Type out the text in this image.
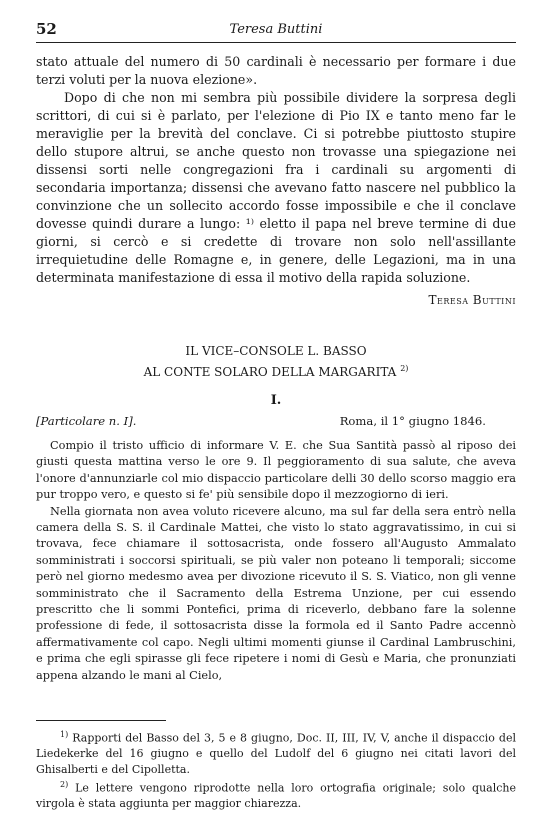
52	Teresa Buttini

stato attuale del numero di 50 cardinali è necessario per formare i due terzi voluti per la nuova elezione».

Dopo di che non mi sembra più possibile dividere la sorpresa degli scrittori, di cui si è parlato, per l'elezione di Pio IX e tanto meno far le meraviglie per la brevità del conclave. Ci si potrebbe piuttosto stupire dello stupore altrui, se anche questo non trovasse una spiegazione nei dissensi sorti nelle congregazioni fra i cardinali su argomenti di secondaria importanza; dissensi che avevano fatto nascere nel pubblico la convinzione che un sollecito accordo fosse impossibile e che il conclave dovesse quindi durare a lungo: ¹⁾ eletto il papa nel breve termine di due giorni, si cercò e si credette di trovare non solo nell'assillante irrequietudine delle Romagne e, in genere, delle Legazioni, ma in una determinata manifestazione di essa il motivo della rapida soluzione.

Teresa Buttini
IL VICE–CONSOLE L. BASSO
AL CONTE SOLARO DELLA MARGARITA $^{2)}$
I.
[Particolare n. I].	Roma, il 1° giugno 1846.

Compio il tristo ufficio di informare V. E. che Sua Santità passò al riposo dei giusti questa mattina verso le ore 9. Il peggioramento di sua salute, che aveva l'onore d'annunziarle col mio dispaccio particolare delli 30 dello scorso maggio era pur troppo vero, e questo si fe' più sensibile dopo il mezzogiorno di ieri.

Nella giornata non avea voluto ricevere alcuno, ma sul far della sera entrò nella camera della S. S. il Cardinale Mattei, che visto lo stato aggravatissimo, in cui si trovava, fece chiamare il sottosacrista, onde fossero all'Augusto Ammalato somministrati i soccorsi spirituali, se più valer non poteano li temporali; siccome però nel giorno medesmo avea per divozione ricevuto il S. S. Viatico, non gli venne somministrato che il Sacramento della Estrema Unzione, per cui essendo prescritto che li sommi Pontefici, prima di riceverlo, debbano fare la solenne professione di fede, il sottosacrista disse la formola ed il Santo Padre accennò affermativamente col capo. Negli ultimi momenti giunse il Cardinal Lambruschini, e prima che egli spirasse gli fece ripetere i nomi di Gesù e Maria, che pronunziati appena alzando le mani al Cielo,

$^{1)}$ Rapporti del Basso del 3, 5 e 8 giugno, Doc. II, III, IV, V, anche il dispaccio del Liedekerke del 16 giugno e quello del Ludolf del 6 giugno nei citati lavori del Ghisalberti e del Cipolletta.

$^{2)}$ Le lettere vengono riprodotte nella loro ortografia originale; solo qualche virgola è stata aggiunta per maggior chiarezza.
